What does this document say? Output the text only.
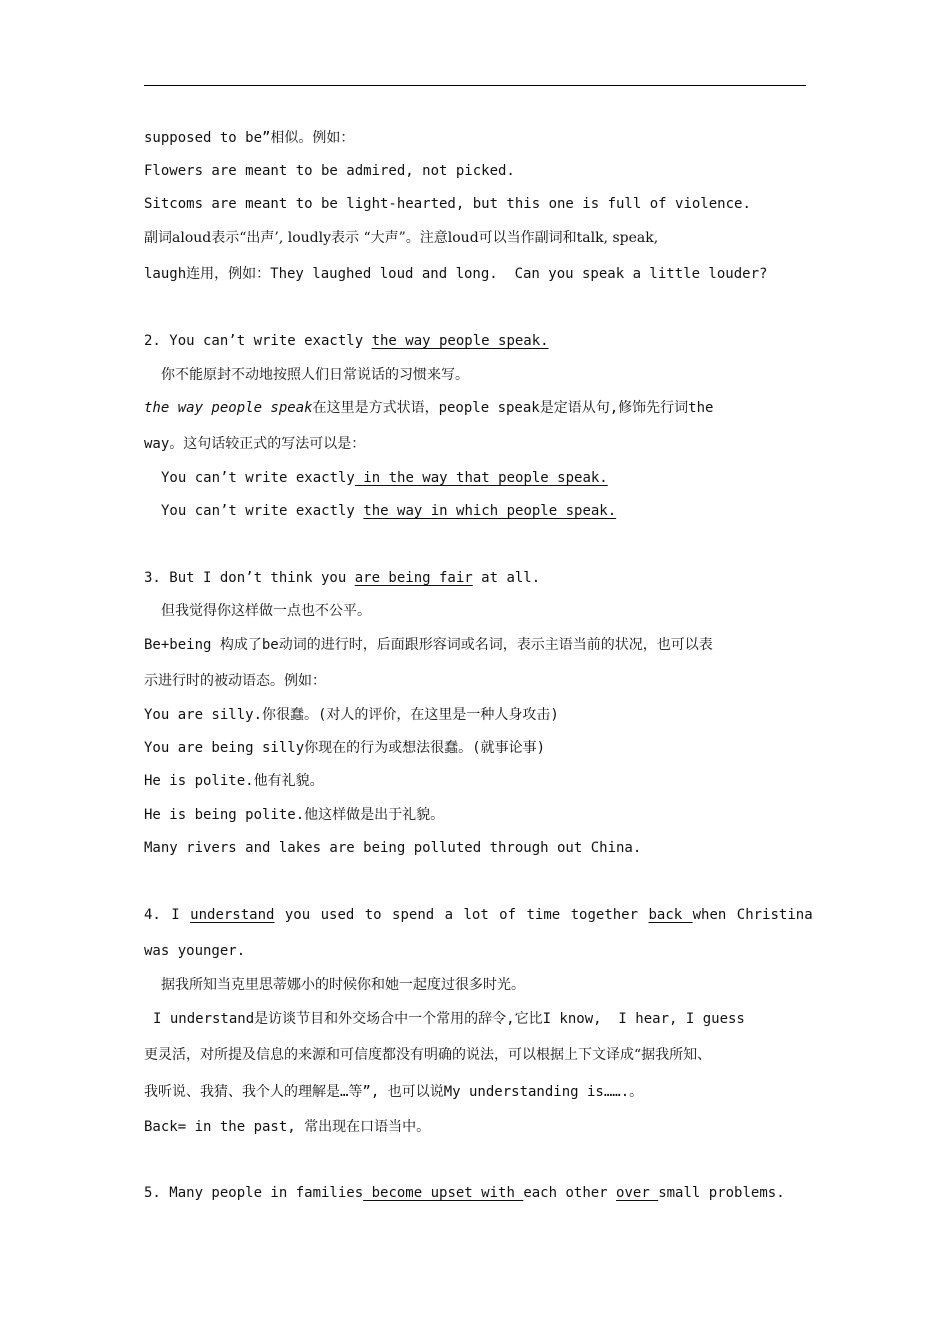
supposed to be”相似。例如：
Flowers are meant to be admired, not picked.
Sitcoms are meant to be light-hearted, but this one is full of violence.
副词aloud表示“出声’, loudly表示 “大声”。注意loud可以当作副词和talk, speak,
laugh连用，例如：They laughed loud and long.  Can you speak a little louder?
2. You can’t write exactly the way people speak.
你不能原封不动地按照人们日常说话的习惯来写。
the way people speak在这里是方式状语，people speak是定语从句,修饰先行词the
way。这句话较正式的写法可以是：
You can’t write exactly in the way that people speak.
You can’t write exactly the way in which people speak.
3. But I don’t think you are being fair at all.
但我觉得你这样做一点也不公平。
Be+being 构成了be动词的进行时，后面跟形容词或名词，表示主语当前的状况，也可以表
示进行时的被动语态。例如：
You are silly.你很蠢。(对人的评价，在这里是一种人身攻击)
You are being silly你现在的行为或想法很蠢。(就事论事)
He is polite.他有礼貌。
He is being polite.他这样做是出于礼貌。
Many rivers and lakes are being polluted through out China.
4. I understand you used to spend a lot of time together back when Christina
was younger.
据我所知当克里思蒂娜小的时候你和她一起度过很多时光。
I understand是访谈节目和外交场合中一个常用的辞令,它比I know,  I hear, I guess
更灵活，对所提及信息的来源和可信度都没有明确的说法，可以根据上下文译成“据我所知、
我听说、我猜、我个人的理解是…等”, 也可以说My understanding is…….。
Back= in the past, 常出现在口语当中。
5. Many people in families become upset with each other over small problems.
